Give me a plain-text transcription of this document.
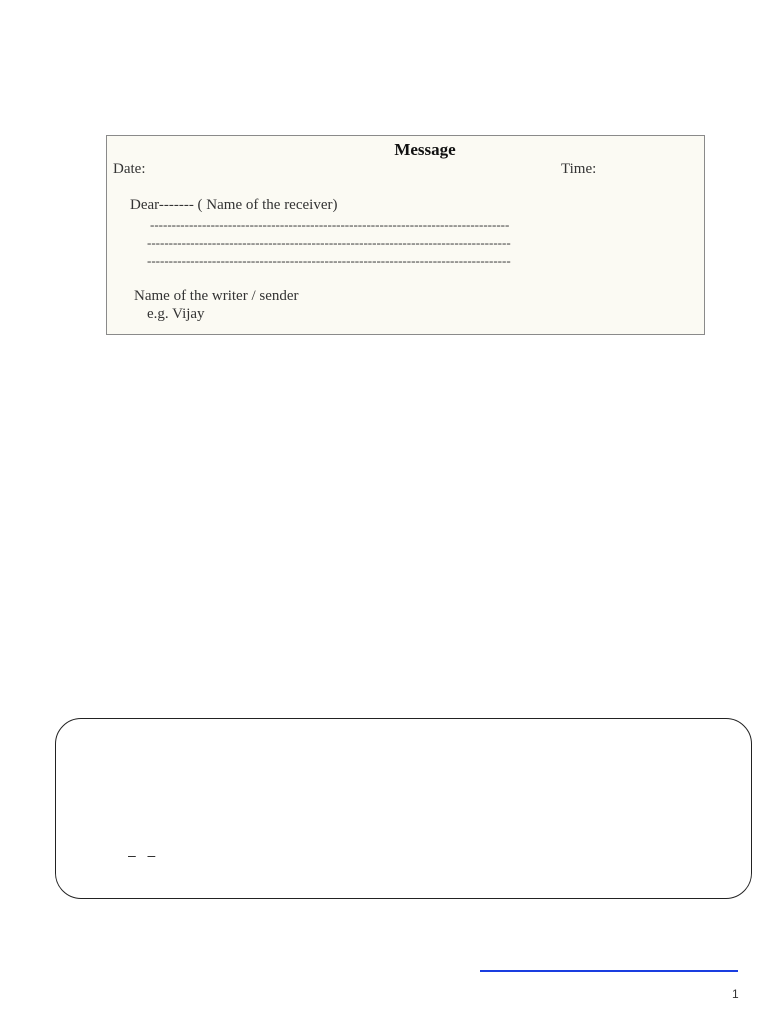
Message
Date:	Time:
Dear------- ( Name of the receiver)
-----------------------------------------------------------------------------------
------------------------------------------------------------------------------------
------------------------------------------------------------------------------------
Name of the writer / sender
e.g. Vijay
–   –
1
